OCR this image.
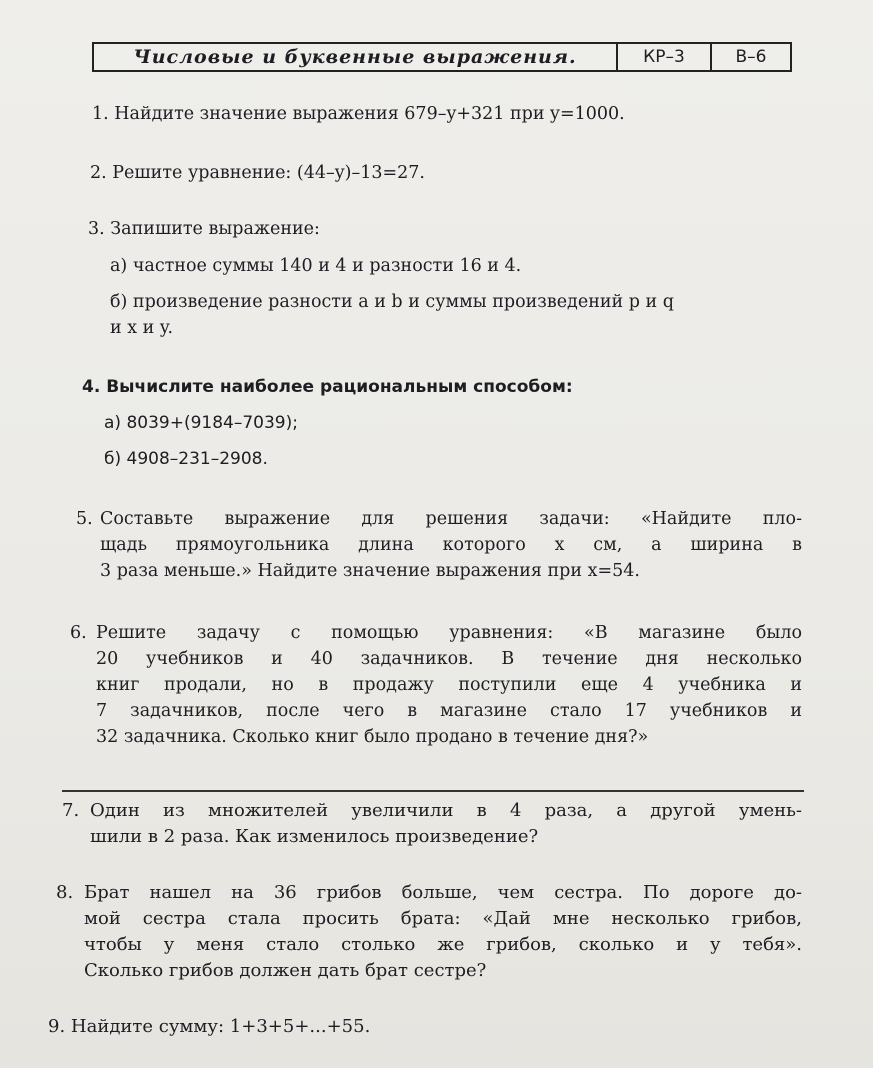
Числовые и буквенные выражения.	КР–3	В–6
1. Найдите значение выражения 679–y+321 при y=1000.
2. Решите уравнение: (44–y)–13=27.
3. Запишите выражение:
а) частное суммы 140 и 4 и разности 16 и 4.
б) произведение разности a и b и суммы произведений p и q
и x и y.
4. Вычислите наиболее рациональным способом:
а) 8039+(9184–7039);
б) 4908–231–2908.
5. Составьте выражение для решения задачи: «Найдите пло-
щадь прямоугольника длина которого x см, а ширина в
3 раза меньше.» Найдите значение выражения при x=54.
6. Решите задачу с помощью уравнения: «В магазине было
20 учебников и 40 задачников. В течение дня несколько
книг продали, но в продажу поступили еще 4 учебника и
7 задачников, после чего в магазине стало 17 учебников и
32 задачника. Сколько книг было продано в течение дня?»
7. Один из множителей увеличили в 4 раза, а другой умень-
шили в 2 раза. Как изменилось произведение?
8. Брат нашел на 36 грибов больше, чем сестра. По дороге до-
мой сестра стала просить брата: «Дай мне несколько грибов,
чтобы у меня стало столько же грибов, сколько и у тебя».
Сколько грибов должен дать брат сестре?
9. Найдите сумму: 1+3+5+...+55.
